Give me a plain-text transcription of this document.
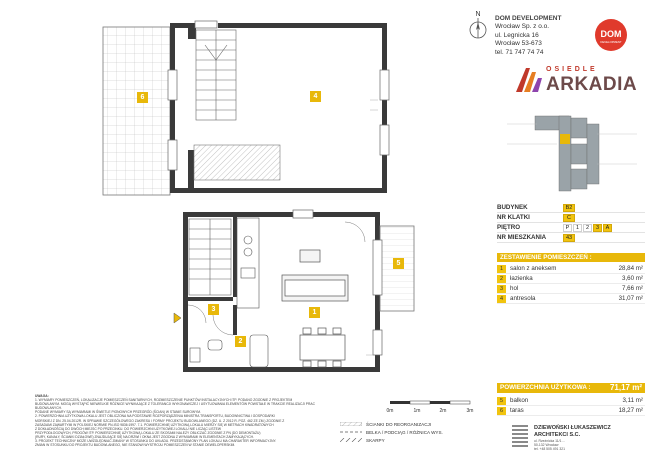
1
2
3
4
5
6
N
DOM DEVELOPMENT
Wrocław Sp. z o.o.
ul. Legnicka 16
Wrocław 53-673
tel. 71 747 74 74
DOM
DEVELOPMENT
OSIEDLE
ARKADIA
BUDYNEK	B2
NR KLATKI	C
PIĘTRO	P	1	2	3	A
NR MIESZKANIA	43
ZESTAWIENIE POMIESZCZEŃ :
1	salon z aneksem	28,84 m²
2	łazienka	3,60 m²
3	hol	7,66 m²
4	antresola	31,07 m²
POWIERZCHNIA UŻYTKOWA : 71,17 m²
5	balkon	3,11 m²
6	taras	18,27 m²
UWAGA:
1. WYMIARY POMIESZCZEŃ, LOKALIZACJE POMIESZCZEŃ SANITARNYCH, ROZMIESZCZENIE PUNKTÓW INSTALACYJNYCH ITP. PODANO ZGODNIE Z PROJEKTEM
BUDOWLANYM. MOGĄ WYSTĄPIĆ NIEWIELKIE RÓŻNICE WYNIKAJĄCE Z TOLERANCJI WYKONAWCZEJ I USYTUOWANIA ELEMENTÓW POWSTAŁE W TRAKCIE REALIZACJI PRAC BUDOWLANYCH.
PODANE WYMIARY SĄ WYMIARAMI W ŚWIETLE PIONOWYCH PRZEGRÓD (ŚCIAN) W STANIE SUROWYM.
2. POWIERZCHNIA UŻYTKOWA LOKALU JEST OBLICZONA NA PODSTAWIE ROZPORZĄDZENIA MINISTRA TRANSPORTU, BUDOWNICTWA I GOSPODARKI
MORSKIEJ Z DN. 25.04.2012R. W SPRAWIE SZCZEGÓŁOWEGO ZAKRESU I FORMY PROJEKTU BUDOWLANEGO (DZ. U. Z 2012 R. POZ. 462 ZE ZM.) ZGODNIE Z
ZASADAMI ZAWARTYMI W POLSKIEJ NORMIE PN-ISO 9836:1997. 7.1. POWIERZCHNIĘ UŻYTKOWĄ LOKALU MIERZY SIĘ W METRACH KWADRATOWYCH
Z DOKŁADNOŚCIĄ DO DWÓCH MIEJSC PO PRZECINKU. DO POWIERZCHNI UŻYTKOWEJ LOKALU NIE LICZĄC LISTEW
PRZYPODŁOGOWYCH, PROGÓW ITP. POWIERZCHNIĘ UŻYTKOWĄ LOKALU ZE SKOSAMI NALEŻY OBLICZAĆ ZGODNIE Z PN (DO DEMONTAŻU)
(RURY, KANAŁY, ŚCIANKI DZIAŁOWE) ZNAJDUJĄCE SIĘ NA DRZWI I OKNA JEST ZGODNA Z WYMIARAMI W ELEMENTACH ZAMYKAJĄCYCH.
3. PROJEKT TECHNICZNY MOŻE UWZGLĘDNIAĆ ZMIANY W STOSUNKU DO UKŁADU. PRZEDSTAWIONY PLAN LOKALU MA CHARAKTER INFORMACYJNY.
ZMIAN W STOSUNKU DO PROJEKTU BUDOWLANEGO, NIE STANOWI WYSTROJU POMIESZCZEŃ W STANIE DEWELOPERSKIM.
0m	1m	2m	3m
ŚCIANKI DO REORGANIZACJI
BELKA / PODCIĄG / RÓŻNICA WYS.
SKARPY
DZIEWOŃSKI ŁUKASZEWICZ
ARCHITEKCI S.C.
ul. Rzeźnicka 11/1 ...
50-132 Wrocław
tel. +48 505 491 321
